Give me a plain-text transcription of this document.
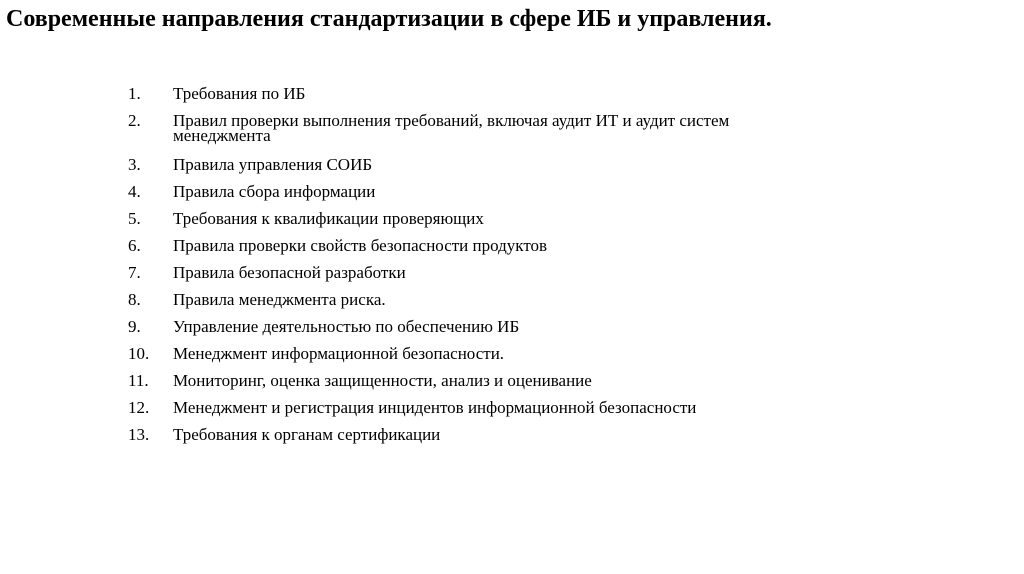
Современные направления стандартизации в сфере ИБ и управления.
1.	Требования по ИБ
2.	Правил проверки выполнения требований, включая аудит ИТ и аудит систем менеджмента
3.	Правила управления СОИБ
4.	Правила сбора информации
5.	Требования к квалификации проверяющих
6.	Правила проверки свойств безопасности продуктов
7.	Правила безопасной разработки
8.	Правила менеджмента риска.
9.	Управление деятельностью по обеспечению ИБ
10.	Менеджмент информационной безопасности.
11.	Мониторинг, оценка защищенности, анализ и оценивание
12.	Менеджмент и регистрация инцидентов информационной безопасности
13.	Требования к органам сертификации
